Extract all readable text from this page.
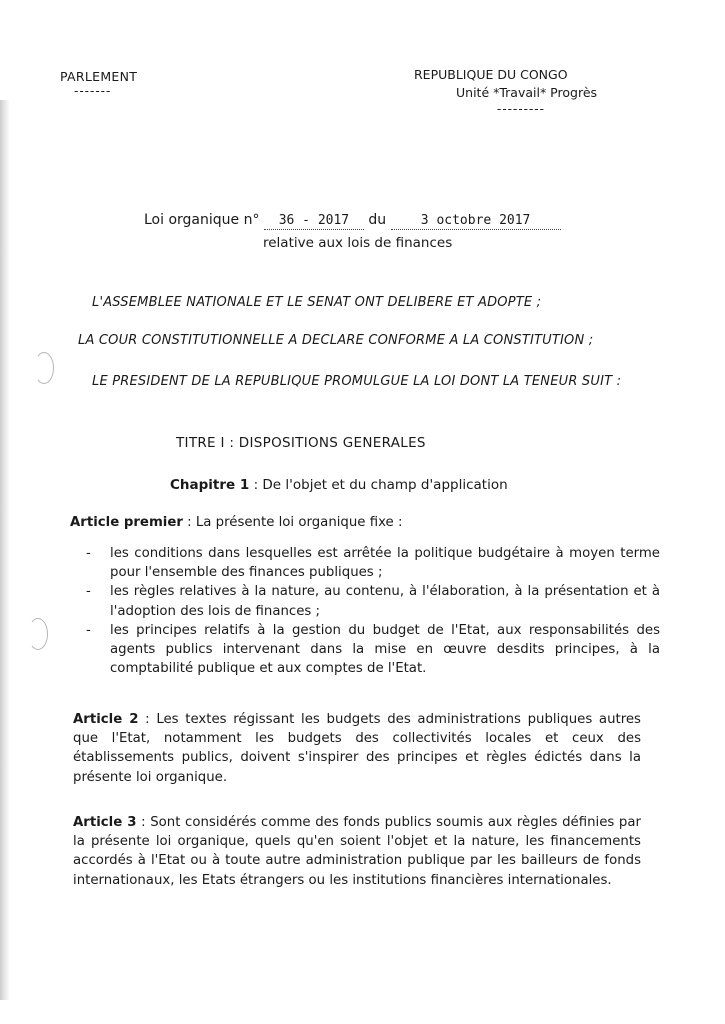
PARLEMENT
-------
REPUBLIQUE DU CONGO
Unité *Travail* Progrès
---------
Loi organique n° 36 - 2017 du	3 octobre 2017
relative aux lois de finances
L'ASSEMBLEE NATIONALE ET LE SENAT ONT DELIBERE ET ADOPTE ;
LA COUR CONSTITUTIONNELLE A DECLARE CONFORME A LA CONSTITUTION ;
LE PRESIDENT DE LA REPUBLIQUE PROMULGUE LA LOI DONT LA TENEUR SUIT :
TITRE I : DISPOSITIONS GENERALES
Chapitre 1 : De l'objet et du champ d'application
Article premier : La présente loi organique fixe :
- les conditions dans lesquelles est arrêtée la politique budgétaire à moyen terme pour l'ensemble des finances publiques ;
- les règles relatives à la nature, au contenu, à l'élaboration, à la présentation et à l'adoption des lois de finances ;
- les principes relatifs à la gestion du budget de l'Etat, aux responsabilités des agents publics intervenant dans la mise en œuvre desdits principes, à la comptabilité publique et aux comptes de l'Etat.
Article 2 : Les textes régissant les budgets des administrations publiques autres que l'Etat, notamment les budgets des collectivités locales et ceux des établissements publics, doivent s'inspirer des principes et règles édictés dans la présente loi organique.
Article 3 : Sont considérés comme des fonds publics soumis aux règles définies par la présente loi organique, quels qu'en soient l'objet et la nature, les financements accordés à l'Etat ou à toute autre administration publique par les bailleurs de fonds internationaux, les Etats étrangers ou les institutions financières internationales.
